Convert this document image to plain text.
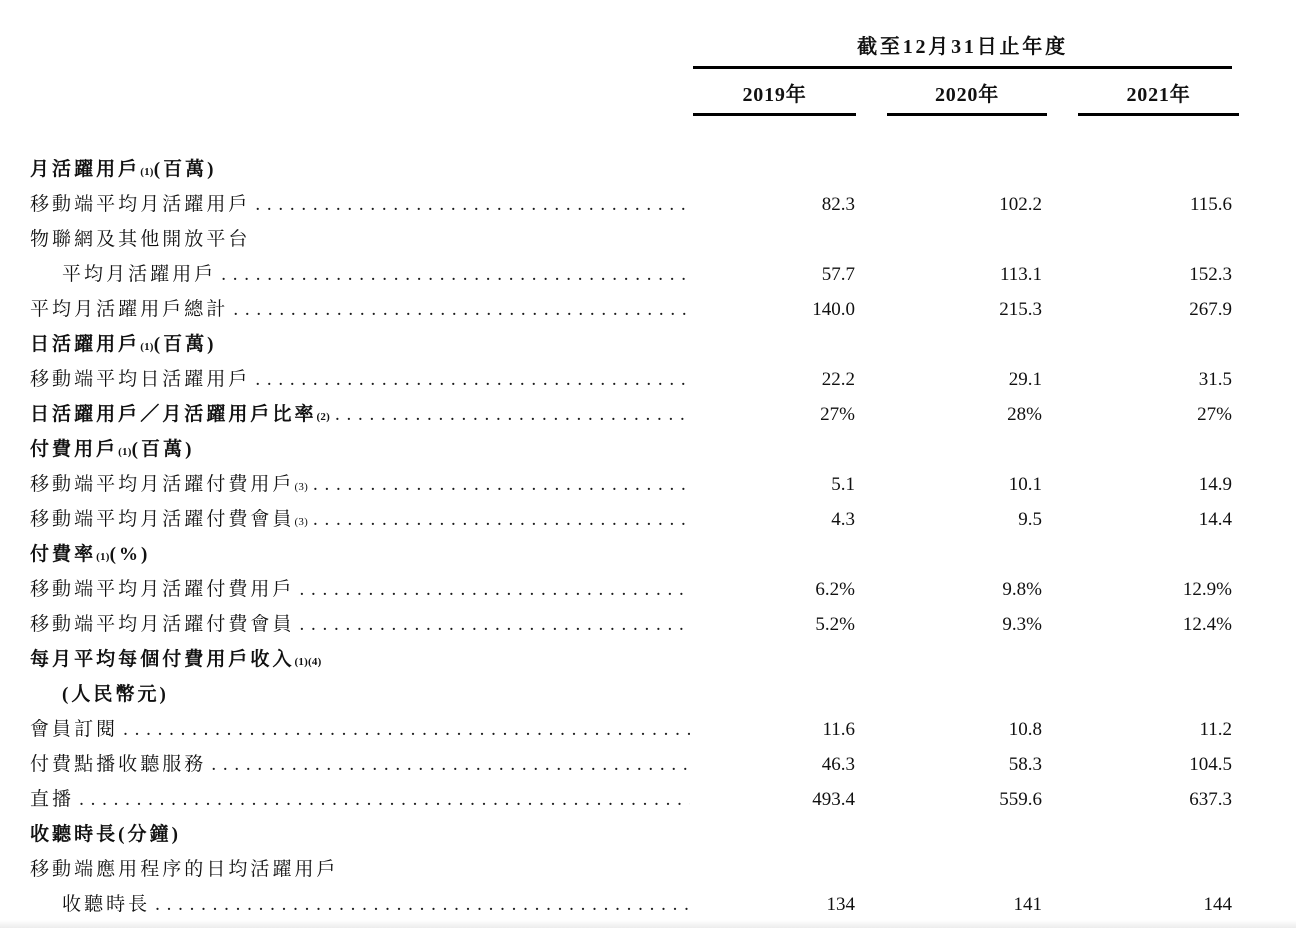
截至12月31日止年度
2019年	2020年	2021年
月活躍用戶 (1) (百萬)
移動端平均月活躍用戶 . . .	82.3	102.2	115.6
物聯網及其他開放平台
平均月活躍用戶 . . .	57.7	113.1	152.3
平均月活躍用戶總計 . . .	140.0	215.3	267.9
日活躍用戶 (1) (百萬)
移動端平均日活躍用戶 . . .	22.2	29.1	31.5
日活躍用戶／月活躍用戶比率 (2) . . .	27%	28%	27%
付費用戶 (1) (百萬)
移動端平均月活躍付費用戶 (3) . . .	5.1	10.1	14.9
移動端平均月活躍付費會員 (3) . . .	4.3	9.5	14.4
付費率 (1) (%)
移動端平均月活躍付費用戶 . . .	6.2%	9.8%	12.9%
移動端平均月活躍付費會員 . . .	5.2%	9.3%	12.4%
每月平均每個付費用戶收入 (1)(4)
(人民幣元)
會員訂閱 . . .	11.6	10.8	11.2
付費點播收聽服務 . . .	46.3	58.3	104.5
直播 . . .	493.4	559.6	637.3
收聽時長(分鐘)
移動端應用程序的日均活躍用戶
收聽時長 . . .	134	141	144
